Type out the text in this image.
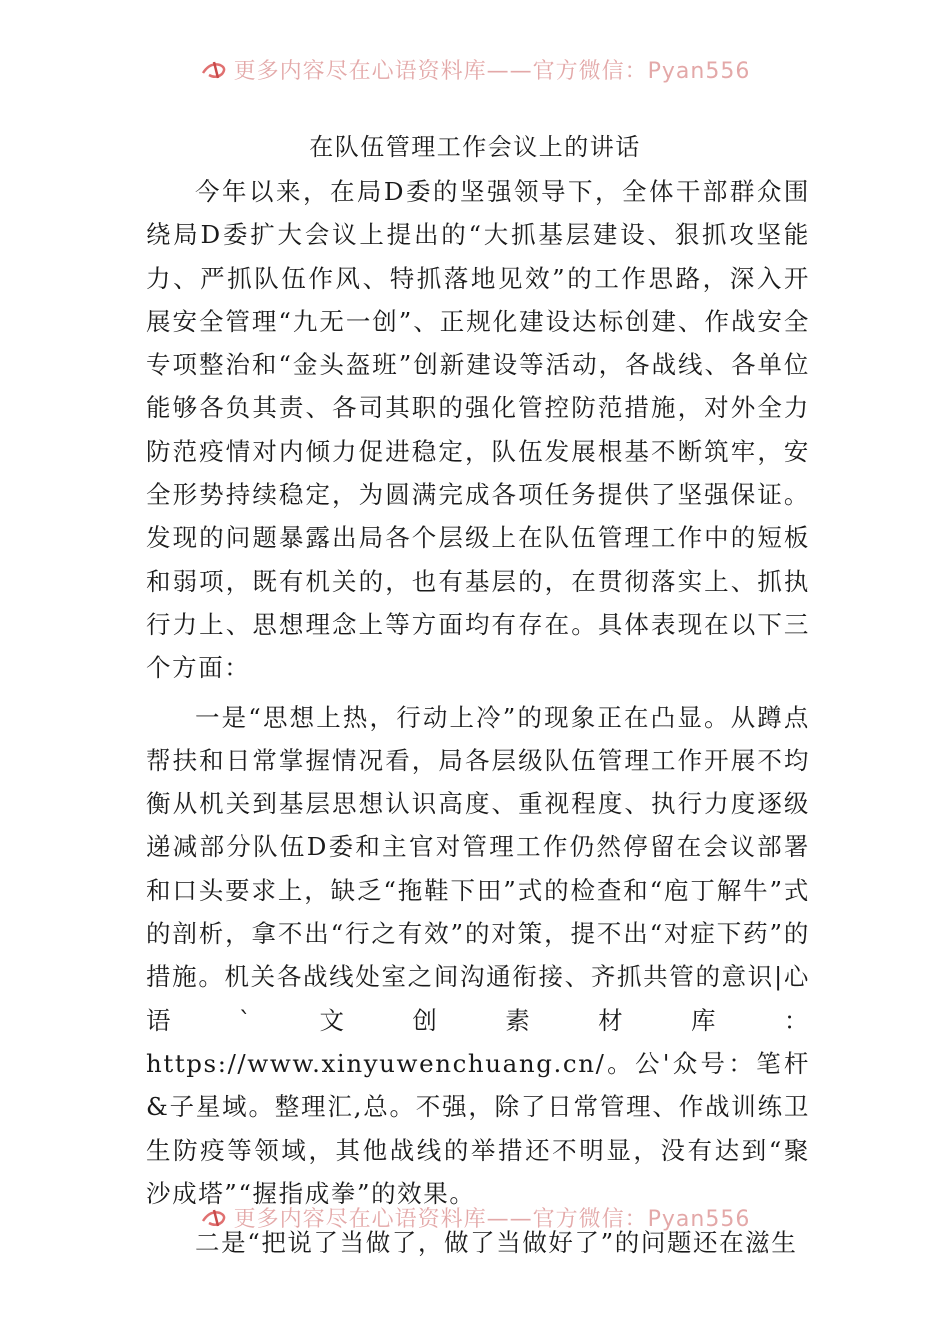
更多内容尽在心语资料库——官方微信：Pyan556
在队伍管理工作会议上的讲话

今年以来，在局D委的坚强领导下，全体干部群众围绕局D委扩大会议上提出的“大抓基层建设、狠抓攻坚能力、严抓队伍作风、特抓落地见效”的工作思路，深入开展安全管理“九无一创”、正规化建设达标创建、作战安全专项整治和“金头盔班”创新建设等活动，各战线、各单位能够各负其责、各司其职的强化管控防范措施，对外全力防范疫情对内倾力促进稳定，队伍发展根基不断筑牢，安全形势持续稳定，为圆满完成各项任务提供了坚强保证。发现的问题暴露出局各个层级上在队伍管理工作中的短板和弱项，既有机关的，也有基层的，在贯彻落实上、抓执行力上、思想理念上等方面均有存在。具体表现在以下三个方面：

一是“思想上热，行动上冷”的现象正在凸显。从蹲点帮扶和日常掌握情况看，局各层级队伍管理工作开展不均衡从机关到基层思想认识高度、重视程度、执行力度逐级递减部分队伍D委和主官对管理工作仍然停留在会议部署和口头要求上，缺乏“拖鞋下田”式的检查和“庖丁解牛”式的剖析，拿不出“行之有效”的对策，提不出“对症下药”的措施。机关各战线处室之间沟通衔接、齐抓共管的意识|心语`文创素材库：https://www.xinyuwenchuang.cn/。公'众号：笔杆&子星域。整理汇,总。不强，除了日常管理、作战训练卫生防疫等领域，其他战线的举措还不明显，没有达到“聚沙成塔”“握指成拳”的效果。

二是“把说了当做了，做了当做好了”的问题还在滋生

更多内容尽在心语资料库——官方微信：Pyan556
